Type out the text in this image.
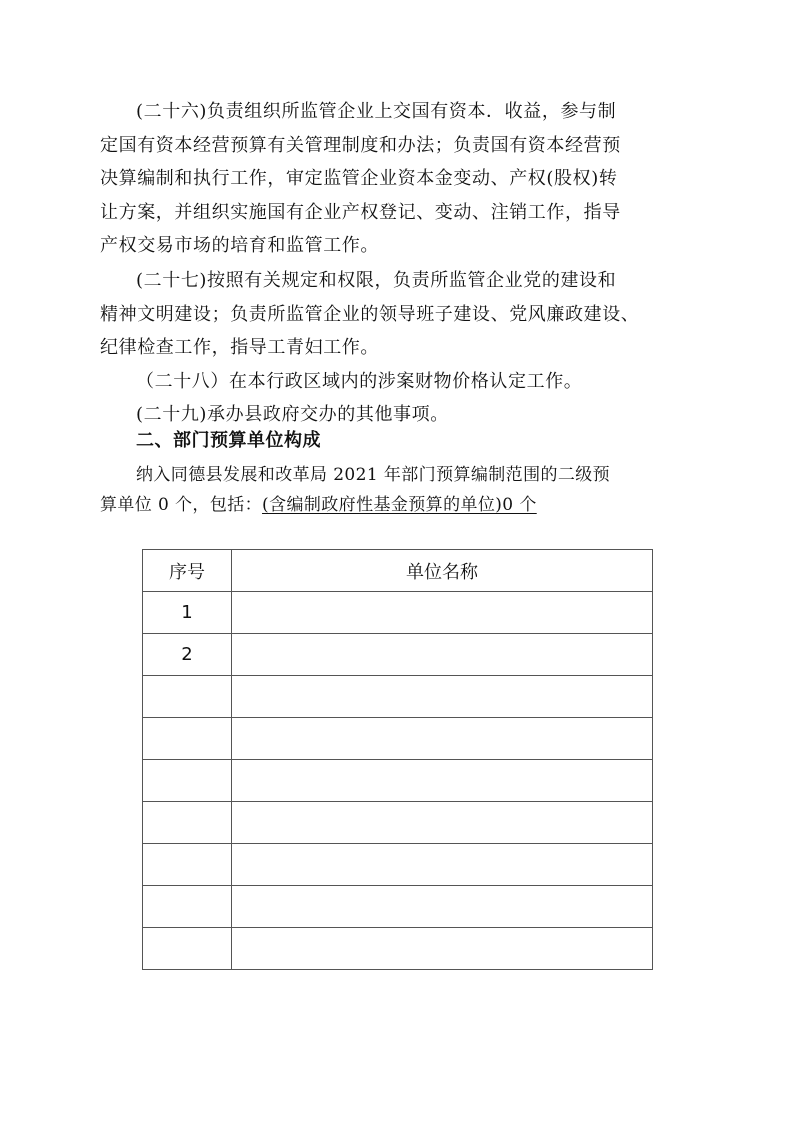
(二十六)负责组织所监管企业上交国有资本．收益，参与制
定国有资本经营预算有关管理制度和办法；负责国有资本经营预
决算编制和执行工作，审定监管企业资本金变动、产权(股权)转
让方案，并组织实施国有企业产权登记、变动、注销工作，指导
产权交易市场的培育和监管工作。
(二十七)按照有关规定和权限，负责所监管企业党的建设和
精神文明建设；负责所监管企业的领导班子建设、党风廉政建设、
纪律检查工作，指导工青妇工作。
（二十八）在本行政区域内的涉案财物价格认定工作。
(二十九)承办县政府交办的其他事项。
二、部门预算单位构成
纳入同德县发展和改革局 2021 年部门预算编制范围的二级预
算单位 0 个，包括：(含编制政府性基金预算的单位)0 个
序号	单位名称
1	
2	
